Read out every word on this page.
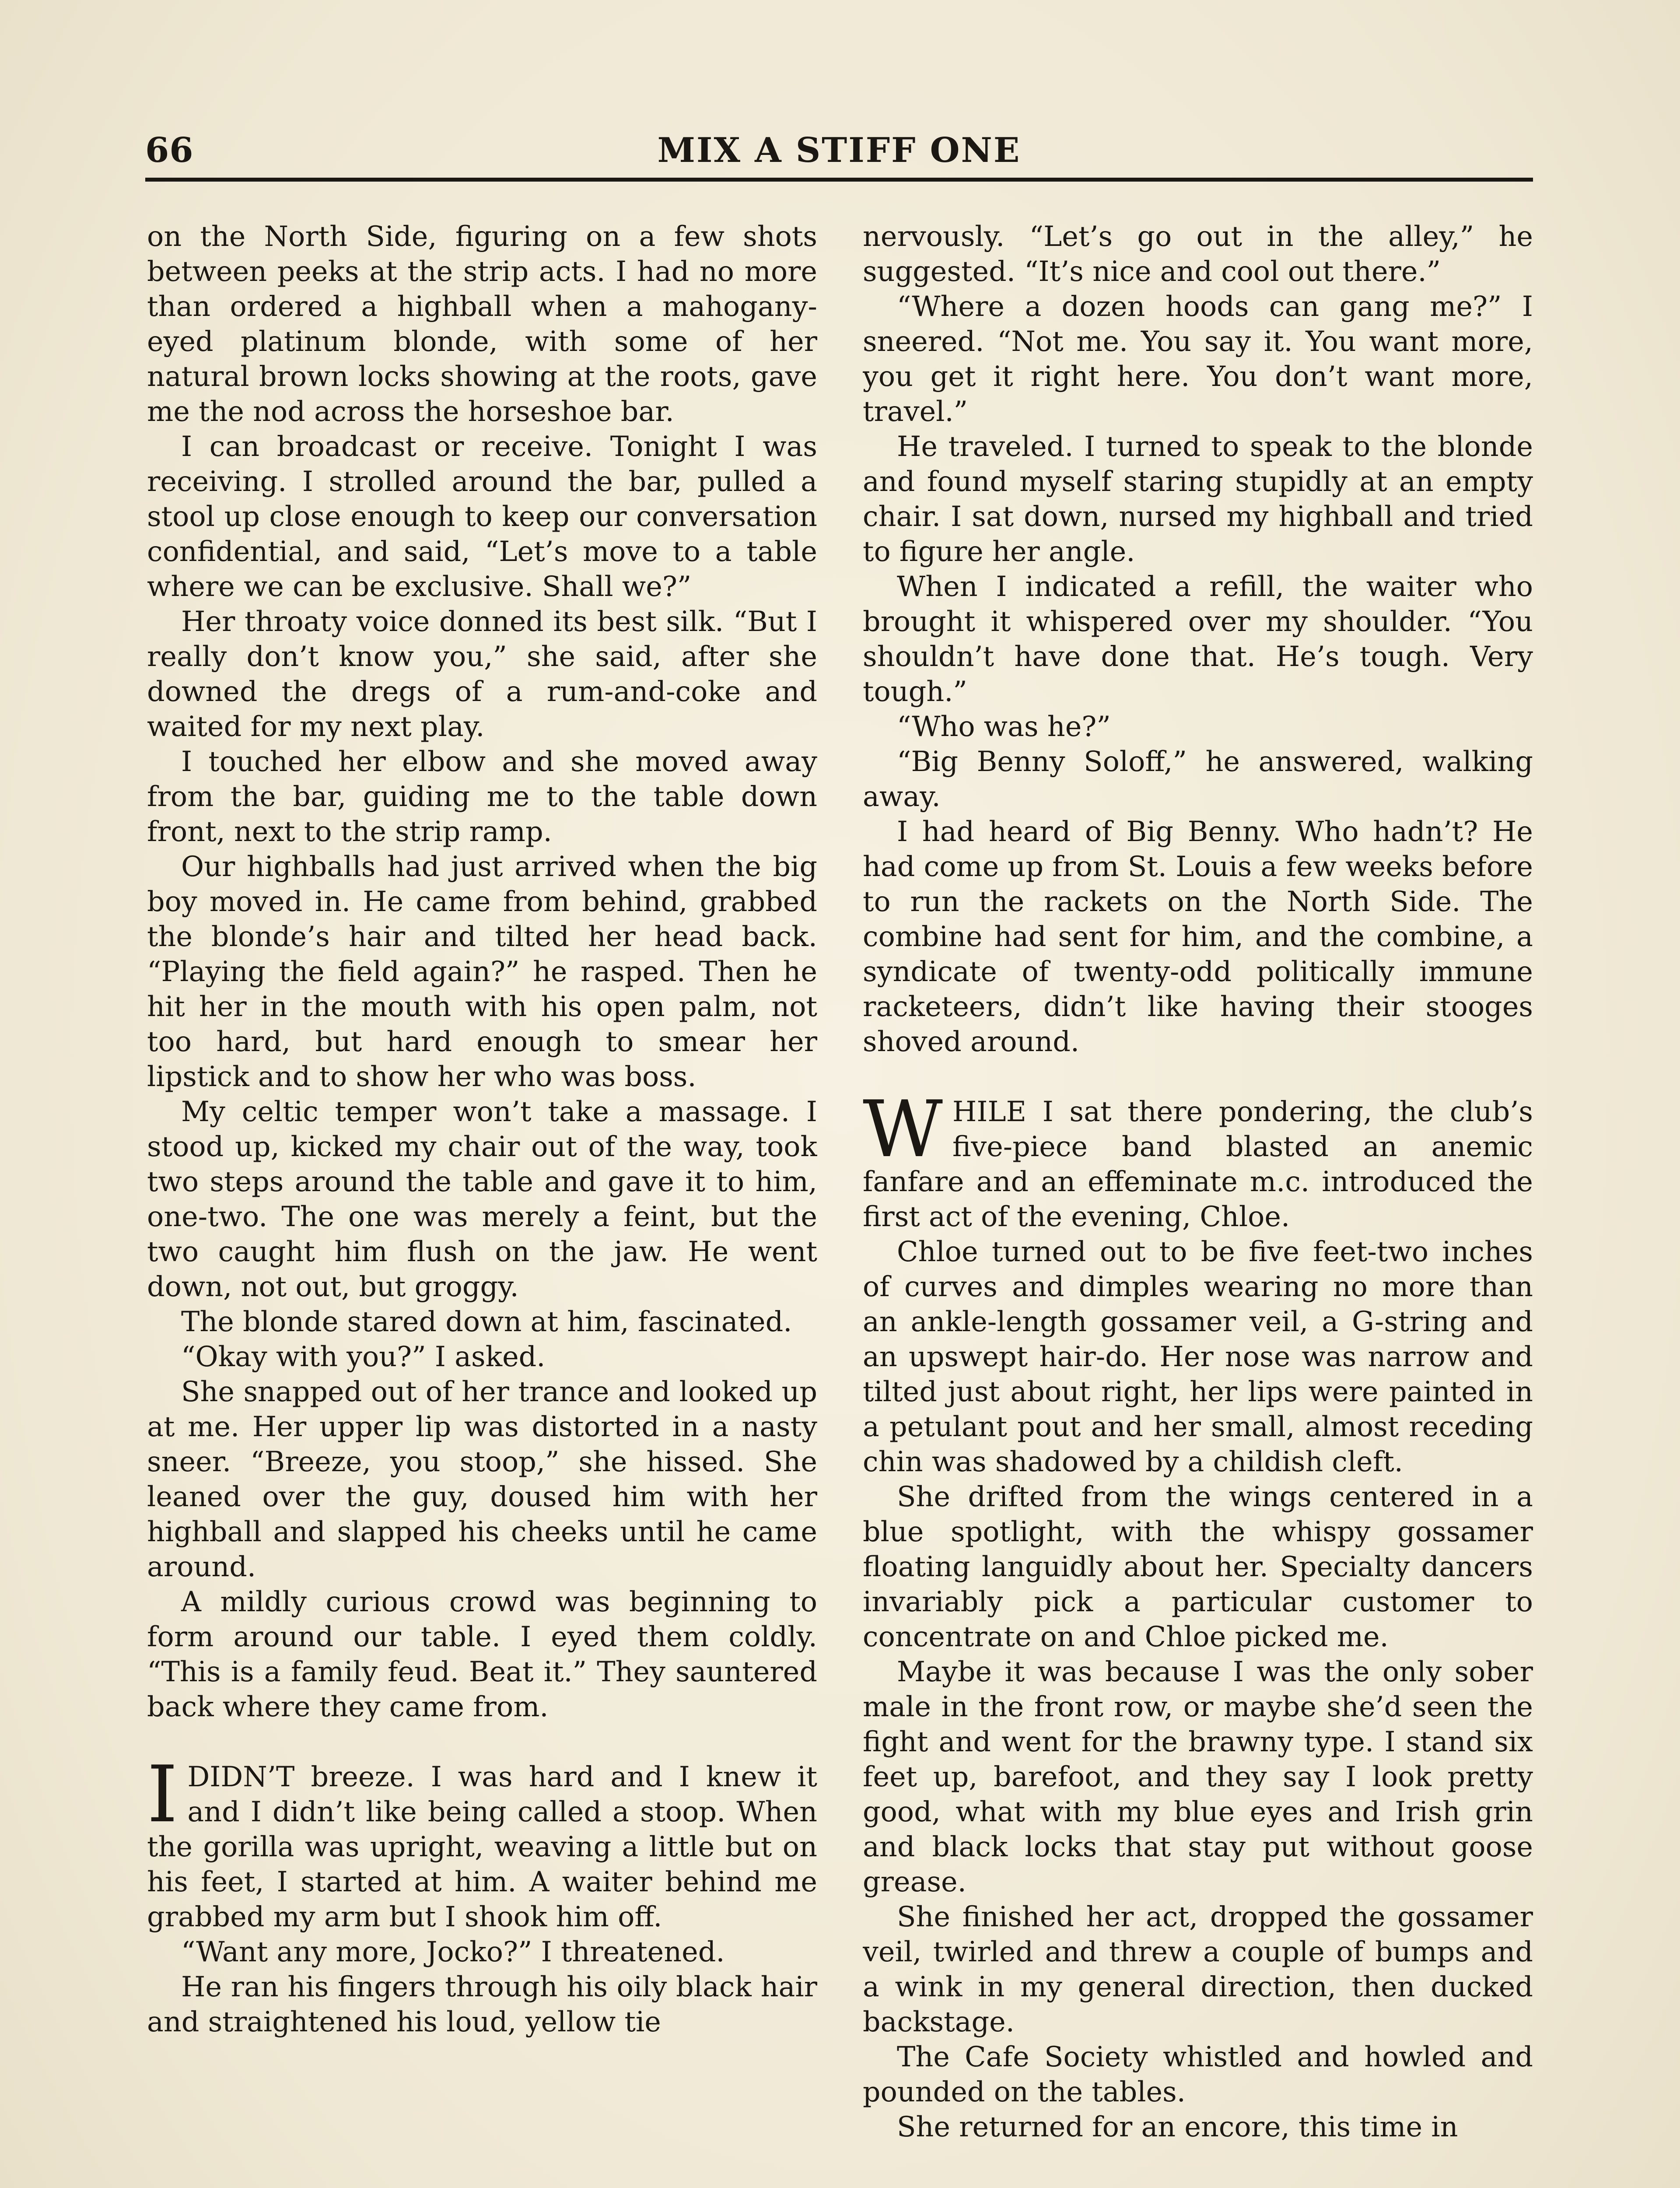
66	MIX A STIFF ONE

on the North Side, figuring on a few shots between peeks at the strip acts. I had no more than ordered a highball when a mahogany-eyed platinum blonde, with some of her natural brown locks showing at the roots, gave me the nod across the horseshoe bar.

I can broadcast or receive. Tonight I was receiving. I strolled around the bar, pulled a stool up close enough to keep our conversation confidential, and said, “Let’s move to a table where we can be exclusive. Shall we?”

Her throaty voice donned its best silk. “But I really don’t know you,” she said, after she downed the dregs of a rum-and-coke and waited for my next play.

I touched her elbow and she moved away from the bar, guiding me to the table down front, next to the strip ramp.

Our highballs had just arrived when the big boy moved in. He came from behind, grabbed the blonde’s hair and tilted her head back. “Playing the field again?” he rasped. Then he hit her in the mouth with his open palm, not too hard, but hard enough to smear her lipstick and to show her who was boss.

My celtic temper won’t take a massage. I stood up, kicked my chair out of the way, took two steps around the table and gave it to him, one-two. The one was merely a feint, but the two caught him flush on the jaw. He went down, not out, but groggy.

The blonde stared down at him, fascinated.

“Okay with you?” I asked.

She snapped out of her trance and looked up at me. Her upper lip was distorted in a nasty sneer. “Breeze, you stoop,” she hissed. She leaned over the guy, doused him with her highball and slapped his cheeks until he came around.

A mildly curious crowd was beginning to form around our table. I eyed them coldly. “This is a family feud. Beat it.” They sauntered back where they came from.

IDIDN’T breeze. I was hard and I knew it and I didn’t like being called a stoop. When the gorilla was upright, weaving a little but on his feet, I started at him. A waiter behind me grabbed my arm but I shook him off.

“Want any more, Jocko?” I threatened.

He ran his fingers through his oily black hair and straightened his loud, yellow tie

nervously. “Let’s go out in the alley,” he suggested. “It’s nice and cool out there.”

“Where a dozen hoods can gang me?” I sneered. “Not me. You say it. You want more, you get it right here. You don’t want more, travel.”

He traveled. I turned to speak to the blonde and found myself staring stupidly at an empty chair. I sat down, nursed my highball and tried to figure her angle.

When I indicated a refill, the waiter who brought it whispered over my shoulder. “You shouldn’t have done that. He’s tough. Very tough.”

“Who was he?”

“Big Benny Soloff,” he answered, walking away.

I had heard of Big Benny. Who hadn’t? He had come up from St. Louis a few weeks before to run the rackets on the North Side. The combine had sent for him, and the combine, a syndicate of twenty-odd politically immune racketeers, didn’t like having their stooges shoved around.

WHILE I sat there pondering, the club’s five-piece band blasted an anemic fanfare and an effeminate m.c. introduced the first act of the evening, Chloe.

Chloe turned out to be five feet-two inches of curves and dimples wearing no more than an ankle-length gossamer veil, a G-string and an upswept hair-do. Her nose was narrow and tilted just about right, her lips were painted in a petulant pout and her small, almost receding chin was shadowed by a childish cleft.

She drifted from the wings centered in a blue spotlight, with the whispy gossamer floating languidly about her. Specialty dancers invariably pick a particular customer to concentrate on and Chloe picked me.

Maybe it was because I was the only sober male in the front row, or maybe she’d seen the fight and went for the brawny type. I stand six feet up, barefoot, and they say I look pretty good, what with my blue eyes and Irish grin and black locks that stay put without goose grease.

She finished her act, dropped the gossamer veil, twirled and threw a couple of bumps and a wink in my general direction, then ducked backstage.

The Cafe Society whistled and howled and pounded on the tables.

She returned for an encore, this time in
